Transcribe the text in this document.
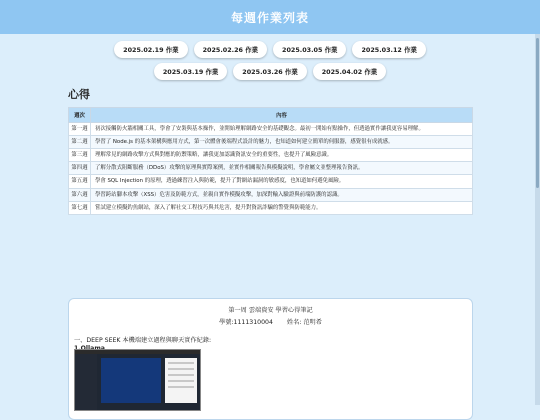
每週作業列表
2025.02.19 作業	2025.02.26 作業	2025.03.05 作業	2025.03.12 作業
2025.03.19 作業	2025.03.26 作業	2025.04.02 作業
心得
週次	內容
第一週	初次接觸防火牆相關工具，學會了安裝與基本操作，並開始理解網路安全的基礎觀念。最初一開始有點操作，但透過實作讓我更容易理解。
第二週	學習了 Node.js 的基本架構與應用方式，第一次體會後端程式設計的魅力，也知道如何建立簡單的伺服器，感覺很有成就感。
第三週	理解常見的網路攻擊方式與對應的防禦策略，讓我更加認識資訊安全的重要性，也提升了風險意識。
第四週	了解分散式阻斷服務（DDoS）攻擊的原理與實際案例，並實作相關報告與模擬說明，學會屬文並整理報告資訊。
第五週	學會 SQL Injection 的原理，透過練習注入與防範，提升了對網站漏洞的敏感度，也知道如何避免風險。
第六週	學習跨站腳本攻擊（XSS）危害及防範方式，並親自實作模擬攻擊，加深對輸入驗證與前端防護的認識。
第七週	嘗試建立模擬釣魚網站，深入了解社交工程技巧與其危害，提升對資訊詐騙的警覺與防範能力。
第一周 雲端資安 學習心得筆記
學號:1111310004 姓名: 范明希
一、DEEP SEEK 本機端建立過程與聊天實作紀錄:
